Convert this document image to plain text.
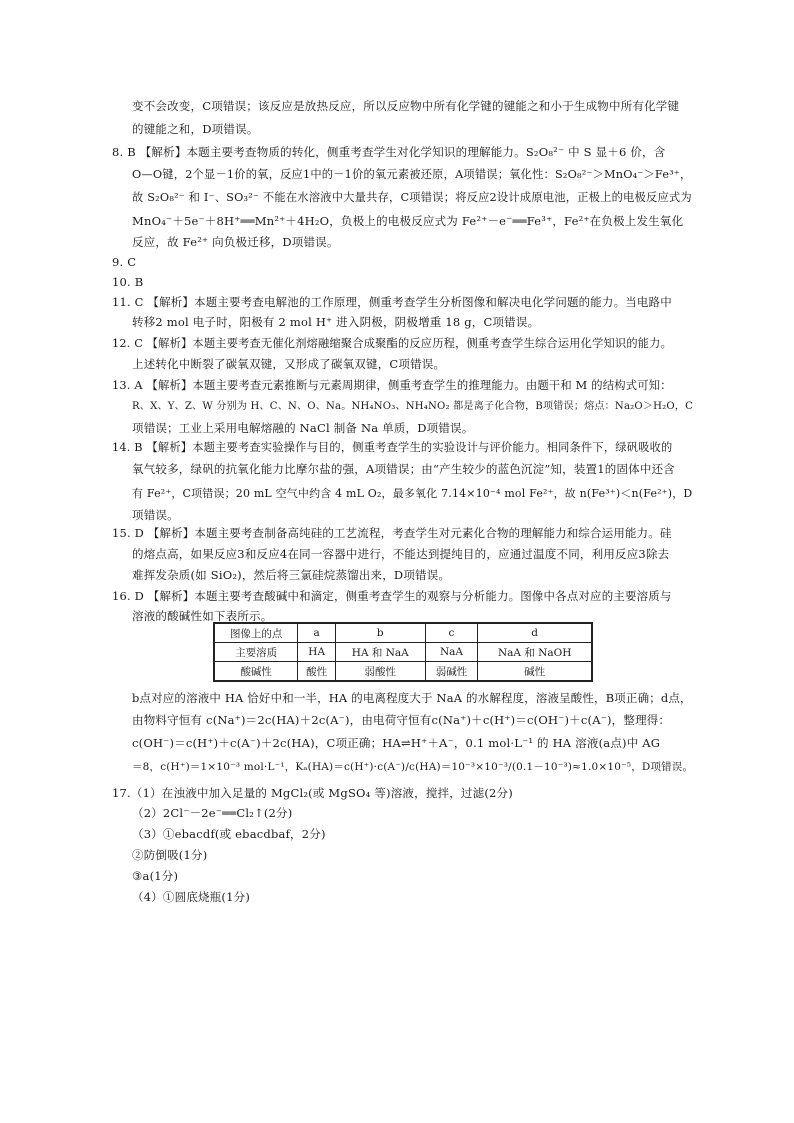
变不会改变，C项错误；该反应是放热反应，所以反应物中所有化学键的键能之和小于生成物中所有化学键
的键能之和，D项错误。
8. B 【解析】本题主要考查物质的转化，侧重考查学生对化学知识的理解能力。S₂O₈²⁻ 中 S 显＋6 价，含
O—O键，2个显－1价的氧，反应1中的－1价的氧元素被还原，A项错误；氧化性：S₂O₈²⁻＞MnO₄⁻＞Fe³⁺，
故 S₂O₈²⁻ 和 I⁻、SO₃²⁻ 不能在水溶液中大量共存，C项错误；将反应2设计成原电池，正极上的电极反应式为
MnO₄⁻＋5e⁻＋8H⁺══Mn²⁺＋4H₂O，负极上的电极反应式为 Fe²⁺－e⁻══Fe³⁺，Fe²⁺在负极上发生氧化
反应，故 Fe²⁺ 向负极迁移，D项错误。
9. C
10. B
11. C 【解析】本题主要考查电解池的工作原理，侧重考查学生分析图像和解决电化学问题的能力。当电路中
转移2 mol 电子时，阳极有 2 mol H⁺ 进入阴极，阴极增重 18 g，C项错误。
12. C 【解析】本题主要考查无催化剂熔融缩聚合成聚酯的反应历程，侧重考查学生综合运用化学知识的能力。
上述转化中断裂了碳氧双键，又形成了碳氧双键，C项错误。
13. A 【解析】本题主要考查元素推断与元素周期律，侧重考查学生的推理能力。由题干和 M 的结构式可知：
R、X、Y、Z、W 分别为 H、C、N、O、Na。NH₄NO₃、NH₄NO₂ 都是离子化合物，B项错误；熔点：Na₂O＞H₂O，C
项错误；工业上采用电解熔融的 NaCl 制备 Na 单质，D项错误。
14. B 【解析】本题主要考查实验操作与目的，侧重考查学生的实验设计与评价能力。相同条件下，绿矾吸收的
氧气较多，绿矾的抗氧化能力比摩尔盐的强，A项错误；由“产生较少的蓝色沉淀”知，装置1的固体中还含
有 Fe²⁺，C项错误；20 mL 空气中约含 4 mL O₂，最多氧化 7.14×10⁻⁴ mol Fe²⁺，故 n(Fe³⁺)＜n(Fe²⁺)，D
项错误。
15. D 【解析】本题主要考查制备高纯硅的工艺流程，考查学生对元素化合物的理解能力和综合运用能力。硅
的熔点高，如果反应3和反应4在同一容器中进行，不能达到提纯目的，应通过温度不同，利用反应3除去
难挥发杂质(如 SiO₂)，然后将三氯硅烷蒸馏出来，D项错误。
16. D 【解析】本题主要考查酸碱中和滴定，侧重考查学生的观察与分析能力。图像中各点对应的主要溶质与
图像上的点	a	b	c	d
主要溶质	HA	HA 和 NaA	NaA	NaA 和 NaOH
酸碱性	酸性	弱酸性	弱碱性	碱性
b点对应的溶液中 HA 恰好中和一半，HA 的电离程度大于 NaA 的水解程度，溶液呈酸性，B项正确；d点，
由物料守恒有 c(Na⁺)＝2c(HA)＋2c(A⁻)，由电荷守恒有c(Na⁺)＋c(H⁺)＝c(OH⁻)＋c(A⁻)，整理得：
c(OH⁻)＝c(H⁺)＋c(A⁻)＋2c(HA)，C项正确；HA⇌H⁺＋A⁻，0.1 mol·L⁻¹ 的 HA 溶液(a点)中 AG
＝8，c(H⁺)＝1×10⁻³ mol·L⁻¹，Kₐ(HA)＝c(H⁺)·c(A⁻)/c(HA)＝10⁻³×10⁻³/(0.1－10⁻³)≈1.0×10⁻⁵，D项错误。
17.（1）在浊液中加入足量的 MgCl₂(或 MgSO₄ 等)溶液，搅拌，过滤(2分)
（2）2Cl⁻－2e⁻══Cl₂↑(2分)
（3）①ebacdf(或 ebacdbaf，2分)
②防倒吸(1分)
③a(1分)
（4）①圆底烧瓶(1分)
溶液的酸碱性如下表所示。
